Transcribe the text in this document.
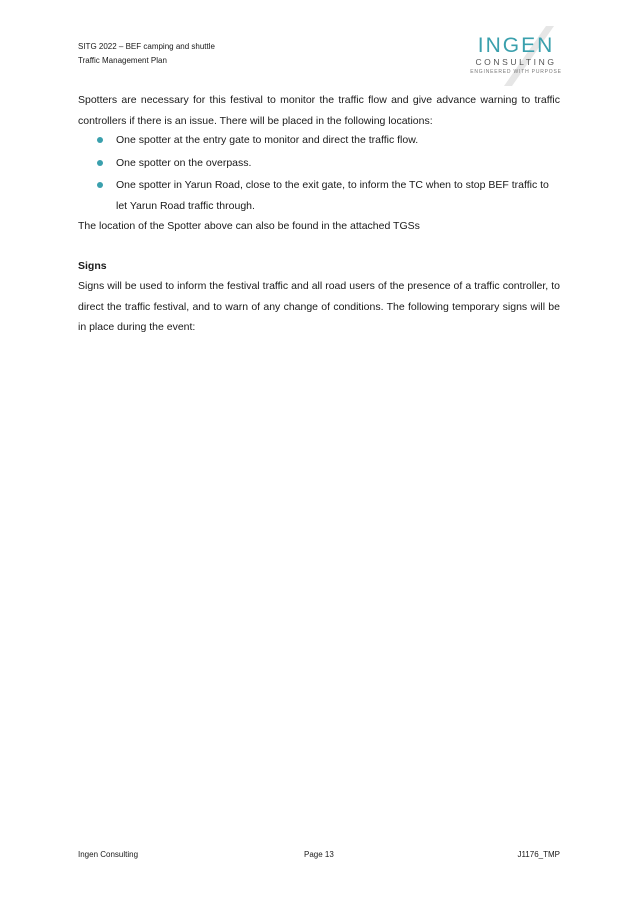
SITG 2022 – BEF camping and shuttle
Traffic Management Plan
INGEN
CONSULTING
ENGINEERED WITH PURPOSE

Spotters are necessary for this festival to monitor the traffic flow and give advance warning to traffic controllers if there is an issue. There will be placed in the following locations:

One spotter at the entry gate to monitor and direct the traffic flow.
One spotter on the overpass.
One spotter in Yarun Road, close to the exit gate, to inform the TC when to stop BEF traffic to let Yarun Road traffic through.

The location of the Spotter above can also be found in the attached TGSs

Signs

Signs will be used to inform the festival traffic and all road users of the presence of a traffic controller, to direct the traffic festival, and to warn of any change of conditions. The following temporary signs will be in place during the event:

Ingen Consulting	Page 13	J1176_TMP
